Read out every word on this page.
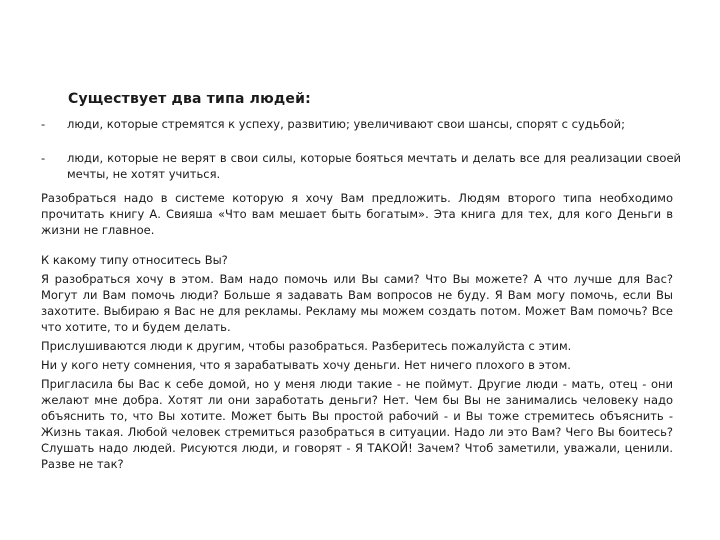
Существует два типа людей:
-	люди, которые стремятся к успеху, развитию; увеличивают свои шансы, спорят с судьбой;
-	люди, которые не верят в свои силы, которые бояться мечтать и делать все для реализации своей мечты, не хотят учиться.

Разобраться надо в системе которую я хочу Вам предложить. Людям второго типа необходимо прочитать книгу А. Свияша «Что вам мешает быть богатым». Эта книга для тех, для кого Деньги в жизни не главное.

К какому типу относитесь Вы?

Я разобраться хочу в этом. Вам надо помочь или Вы сами? Что Вы можете? А что лучше для Вас? Могут ли Вам помочь люди? Больше я задавать Вам вопросов не буду. Я Вам могу помочь, если Вы захотите. Выбираю я Вас не для рекламы. Рекламу мы можем создать потом. Может Вам помочь? Все что хотите, то и будем делать.

Прислушиваются люди к другим, чтобы разобраться. Разберитесь пожалуйста с этим.

Ни у кого нету сомнения, что я зарабатывать хочу деньги. Нет ничего плохого в этом.

Пригласила бы Вас к себе домой, но у меня люди такие - не поймут. Другие люди - мать, отец - они желают мне добра. Хотят ли они заработать деньги? Нет. Чем бы Вы не занимались человеку надо объяснить то, что Вы хотите. Может быть Вы простой рабочий - и Вы тоже стремитесь объяснить - Жизнь такая. Любой человек стремиться разобраться в ситуации. Надо ли это Вам? Чего Вы боитесь? Слушать надо людей. Рисуются люди, и говорят - Я ТАКОЙ! Зачем? Чтоб заметили, уважали, ценили. Разве не так?
